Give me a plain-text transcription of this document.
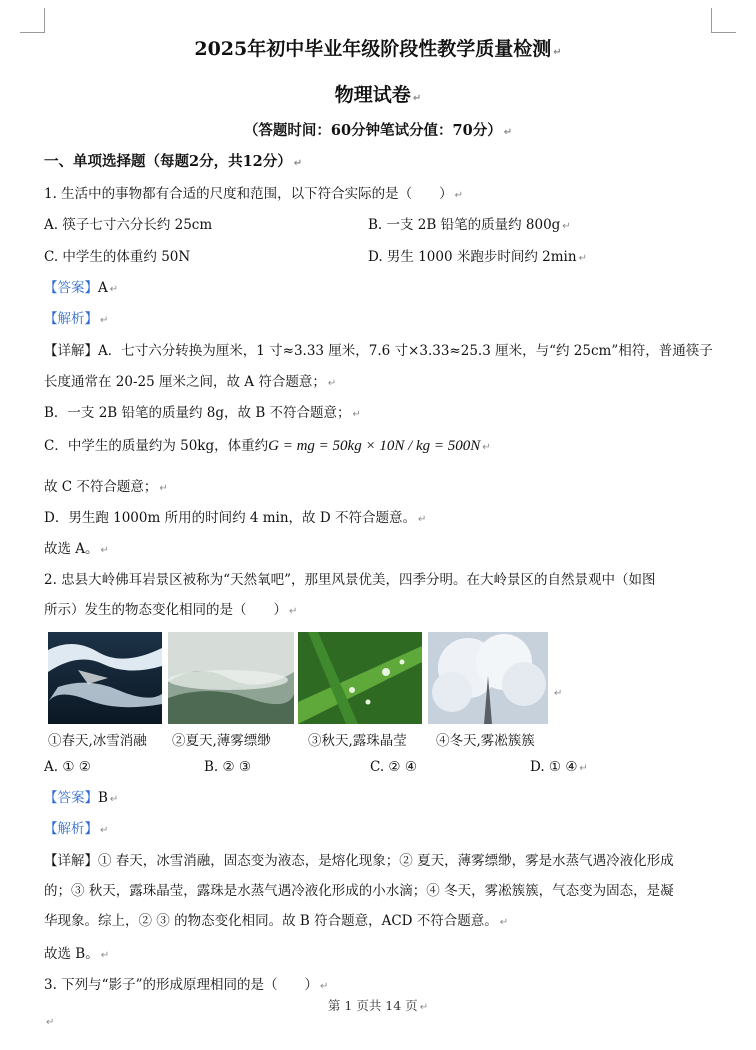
2025年初中毕业年级阶段性教学质量检测 ↵
物理试卷 ↵
（答题时间：60分钟笔试分值：70分） ↵
一、单项选择题（每题2分，共12分） ↵
1. 生活中的事物都有合适的尺度和范围，以下符合实际的是（　　） ↵
A. 筷子七寸六分长约 25cm	B. 一支 2B 铅笔的质量约 800g ↵
C. 中学生的体重约 50N	D. 男生 1000 米跑步时间约 2min ↵
【答案】A ↵
【解析】 ↵
【详解】A．七寸六分转换为厘米，1 寸≈3.33 厘米，7.6 寸×3.33≈25.3 厘米，与“约 25cm”相符，普通筷子
长度通常在 20-25 厘米之间，故 A 符合题意； ↵
B．一支 2B 铅笔的质量约 8g，故 B 不符合题意； ↵
C．中学生的质量约为 50kg，体重约G = mg = 50kg × 10N / kg = 500N ↵
故 C 不符合题意； ↵
D．男生跑 1000m 所用的时间约 4 min，故 D 不符合题意。 ↵
故选 A。 ↵
2. 忠县大岭佛耳岩景区被称为“天然氧吧”，那里风景优美，四季分明。在大岭景区的自然景观中（如图
所示）发生的物态变化相同的是（　　） ↵
↵
①春天,冰雪消融 ②夏天,薄雾缥缈	③秋天,露珠晶莹 ④冬天,雾凇簇簇
A. ① ②	B. ② ③	C. ② ④	D. ① ④ ↵
【答案】B ↵
【解析】 ↵
【详解】① 春天，冰雪消融，固态变为液态，是熔化现象；② 夏天，薄雾缥缈，雾是水蒸气遇冷液化形成
的；③ 秋天，露珠晶莹，露珠是水蒸气遇冷液化形成的小水滴；④ 冬天，雾凇簇簇，气态变为固态，是凝
华现象。综上，② ③ 的物态变化相同。故 B 符合题意，ACD 不符合题意。 ↵
故选 B。 ↵
3. 下列与“影子”的形成原理相同的是（　　） ↵
第 1 页共 14 页 ↵
↵
